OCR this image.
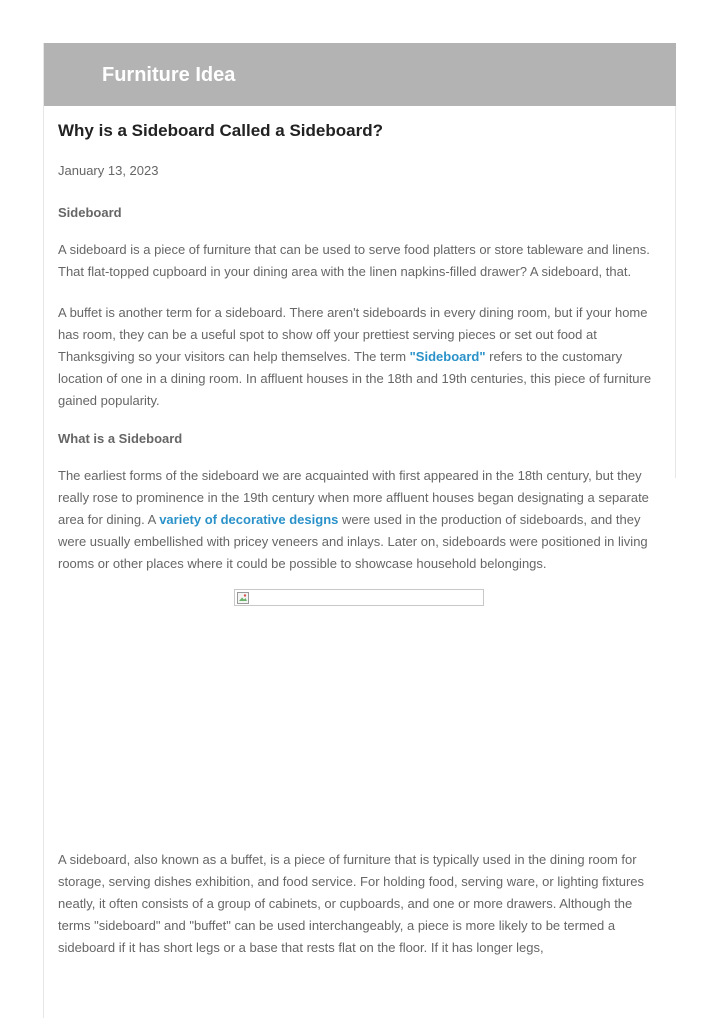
Furniture Idea
Why is a Sideboard Called a Sideboard?
January 13, 2023
Sideboard

A sideboard is a piece of furniture that can be used to serve food platters or store tableware and linens. That flat-topped cupboard in your dining area with the linen napkins-filled drawer? A sideboard, that.

A buffet is another term for a sideboard. There aren't sideboards in every dining room, but if your home has room, they can be a useful spot to show off your prettiest serving pieces or set out food at Thanksgiving so your visitors can help themselves. The term "Sideboard" refers to the customary location of one in a dining room. In affluent houses in the 18th and 19th centuries, this piece of furniture gained popularity.

What is a Sideboard

The earliest forms of the sideboard we are acquainted with first appeared in the 18th century, but they really rose to prominence in the 19th century when more affluent houses began designating a separate area for dining. A variety of decorative designs were used in the production of sideboards, and they were usually embellished with pricey veneers and inlays. Later on, sideboards were positioned in living rooms or other places where it could be possible to showcase household belongings.

A sideboard, also known as a buffet, is a piece of furniture that is typically used in the dining room for storage, serving dishes exhibition, and food service. For holding food, serving ware, or lighting fixtures neatly, it often consists of a group of cabinets, or cupboards, and one or more drawers. Although the terms "sideboard" and "buffet" can be used interchangeably, a piece is more likely to be termed a sideboard if it has short legs or a base that rests flat on the floor. If it has longer legs,
